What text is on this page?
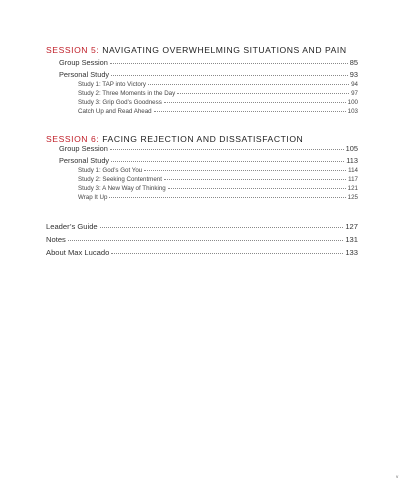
SESSION 5: NAVIGATING OVERWHELMING SITUATIONS AND PAIN
Group Session	85
Personal Study	93
Study 1: TAP into Victory	94
Study 2: Three Moments in the Day	97
Study 3: Grip God’s Goodness	100
Catch Up and Read Ahead	103
SESSION 6: FACING REJECTION AND DISSATISFACTION
Group Session	105
Personal Study	113
Study 1: God’s Got You	114
Study 2: Seeking Contentment	117
Study 3: A New Way of Thinking	121
Wrap It Up	125
Leader’s Guide	127
Notes	131
About Max Lucado	133
v
